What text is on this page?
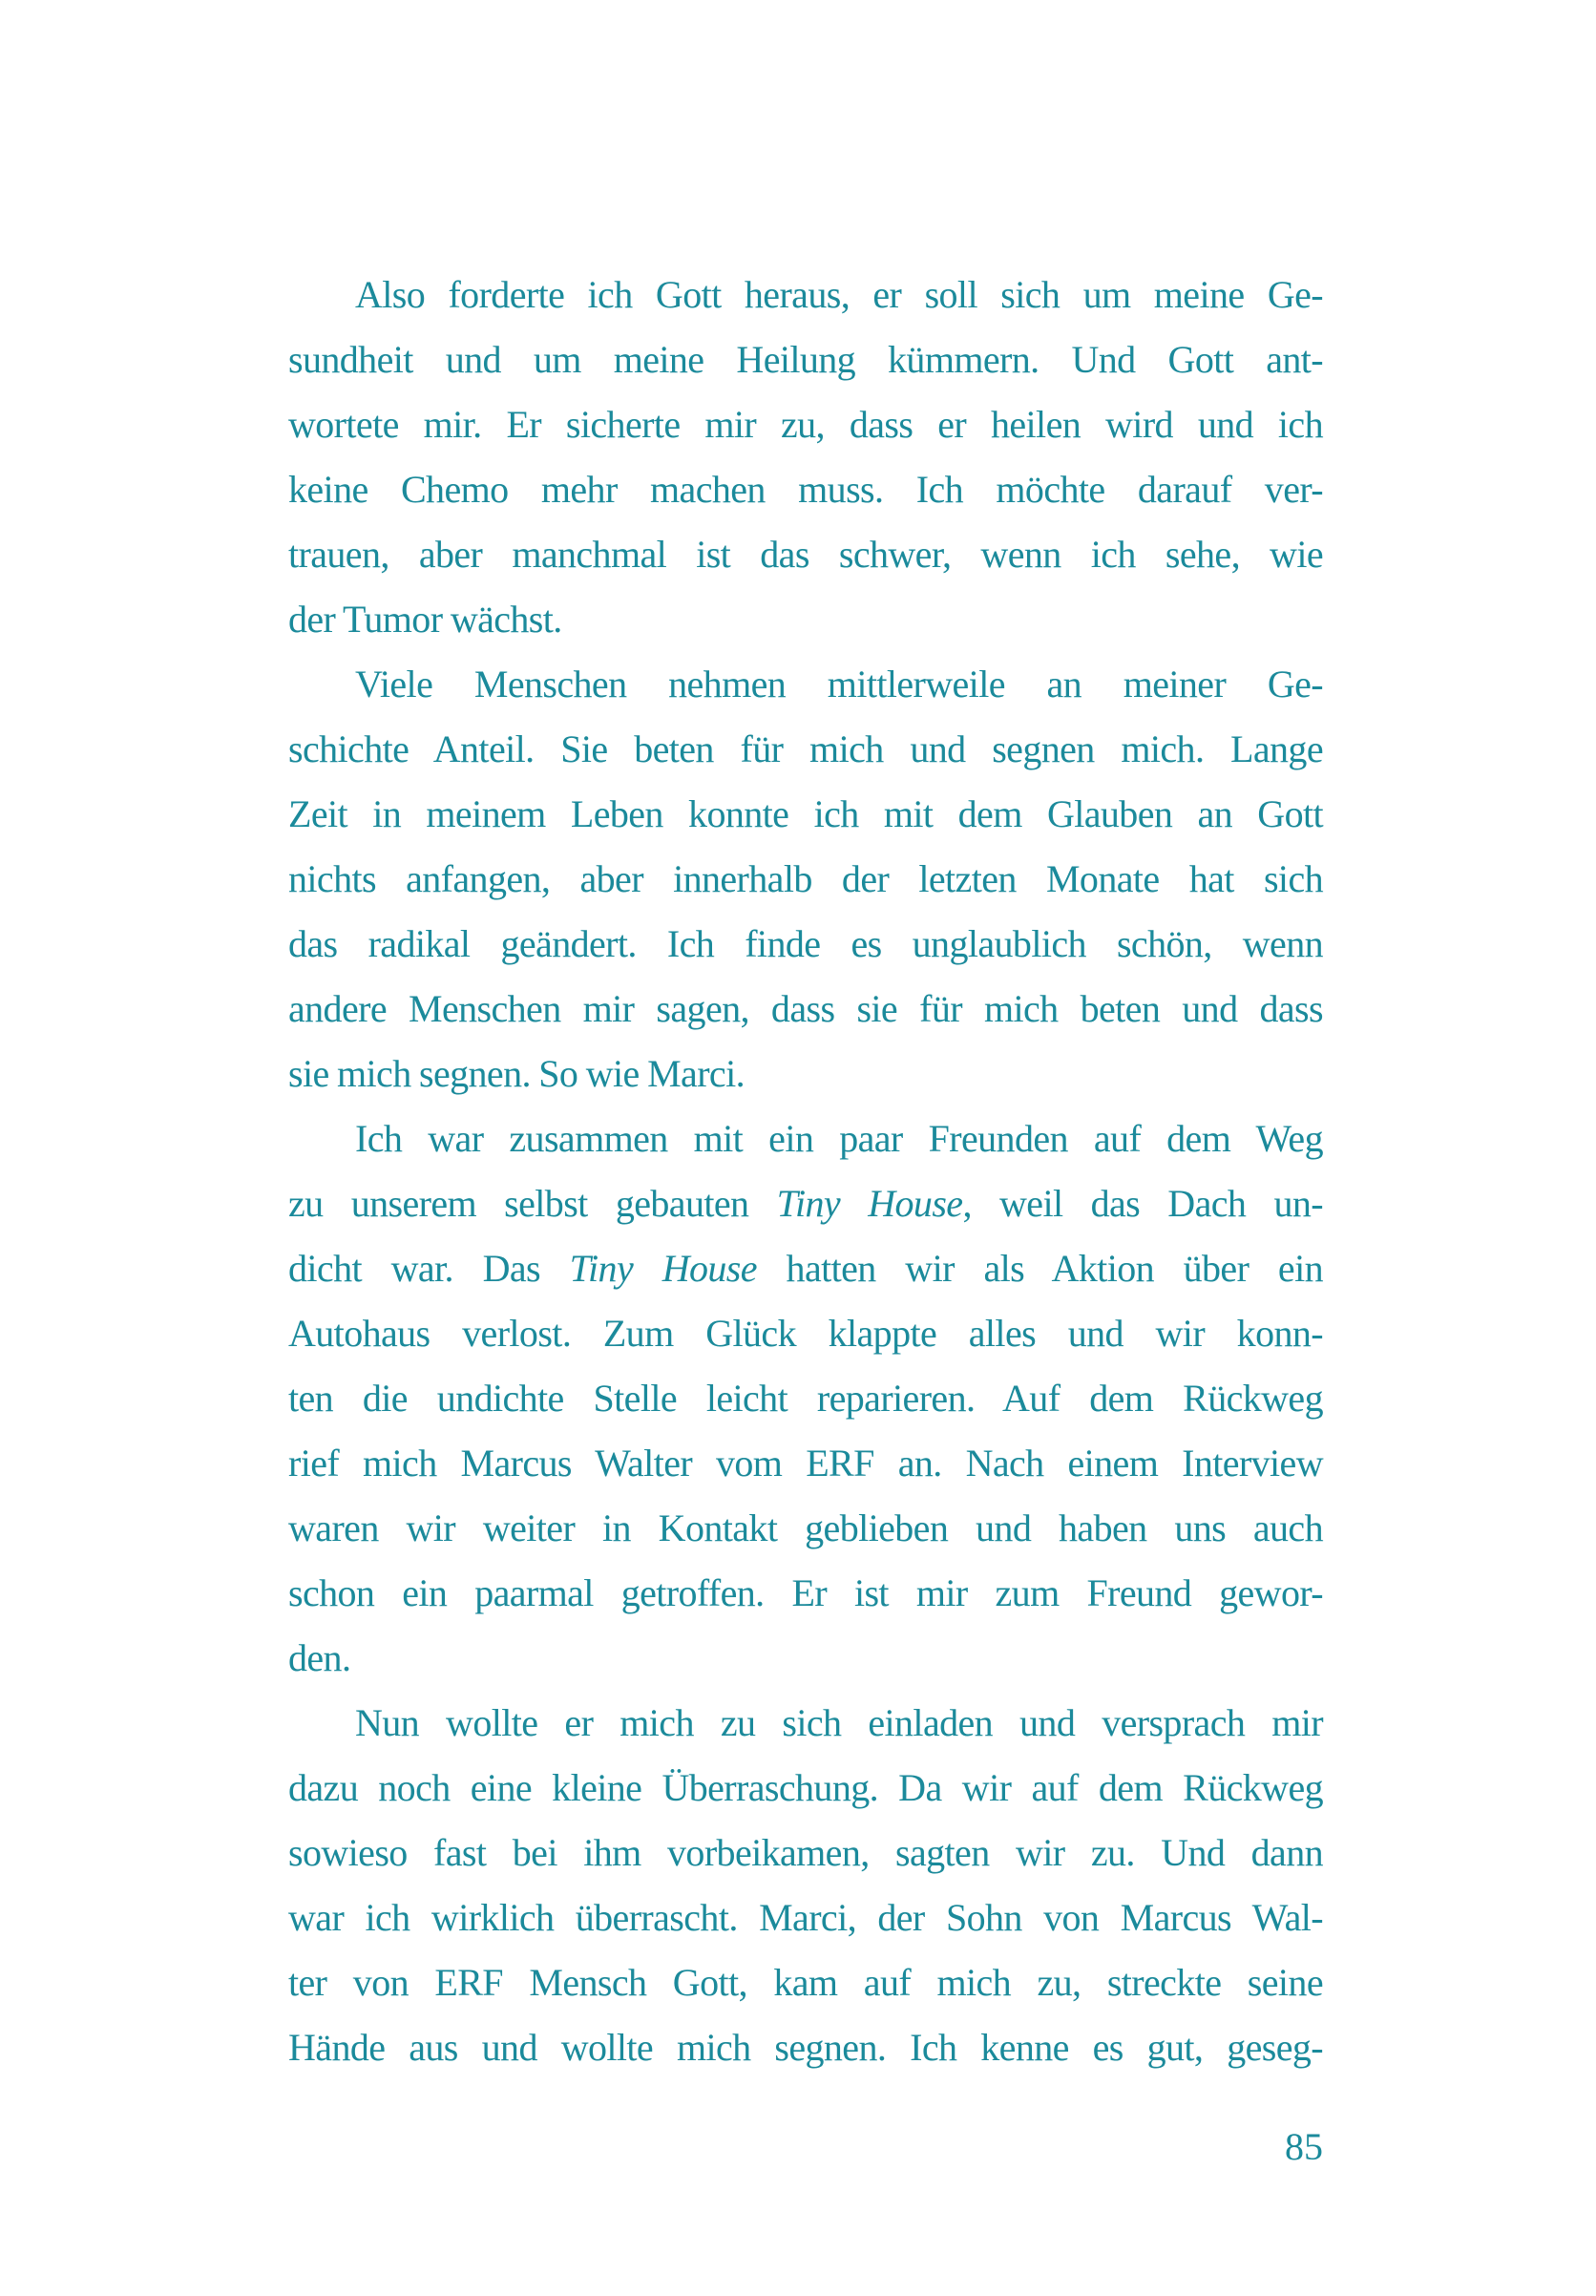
Also forderte ich Gott heraus, er soll sich um meine Ge-
sundheit und um meine Heilung kümmern. Und Gott ant-
wortete mir. Er sicherte mir zu, dass er heilen wird und ich
keine Chemo mehr machen muss. Ich möchte darauf ver-
trauen, aber manchmal ist das schwer, wenn ich sehe, wie
der Tumor wächst.
Viele Menschen nehmen mittlerweile an meiner Ge-
schichte Anteil. Sie beten für mich und segnen mich. Lange
Zeit in meinem Leben konnte ich mit dem Glauben an Gott
nichts anfangen, aber innerhalb der letzten Monate hat sich
das radikal geändert. Ich finde es unglaublich schön, wenn
andere Menschen mir sagen, dass sie für mich beten und dass
sie mich segnen. So wie Marci.
Ich war zusammen mit ein paar Freunden auf dem Weg
zu unserem selbst gebauten Tiny House, weil das Dach un-
dicht war. Das Tiny House hatten wir als Aktion über ein
Autohaus verlost. Zum Glück klappte alles und wir konn-
ten die undichte Stelle leicht reparieren. Auf dem Rückweg
rief mich Marcus Walter vom ERF an. Nach einem Interview
waren wir weiter in Kontakt geblieben und haben uns auch
schon ein paarmal getroffen. Er ist mir zum Freund gewor-
den.
Nun wollte er mich zu sich einladen und versprach mir
dazu noch eine kleine Überraschung. Da wir auf dem Rückweg
sowieso fast bei ihm vorbeikamen, sagten wir zu. Und dann
war ich wirklich überrascht. Marci, der Sohn von Marcus Wal-
ter von ERF Mensch Gott, kam auf mich zu, streckte seine
Hände aus und wollte mich segnen. Ich kenne es gut, geseg-
85
